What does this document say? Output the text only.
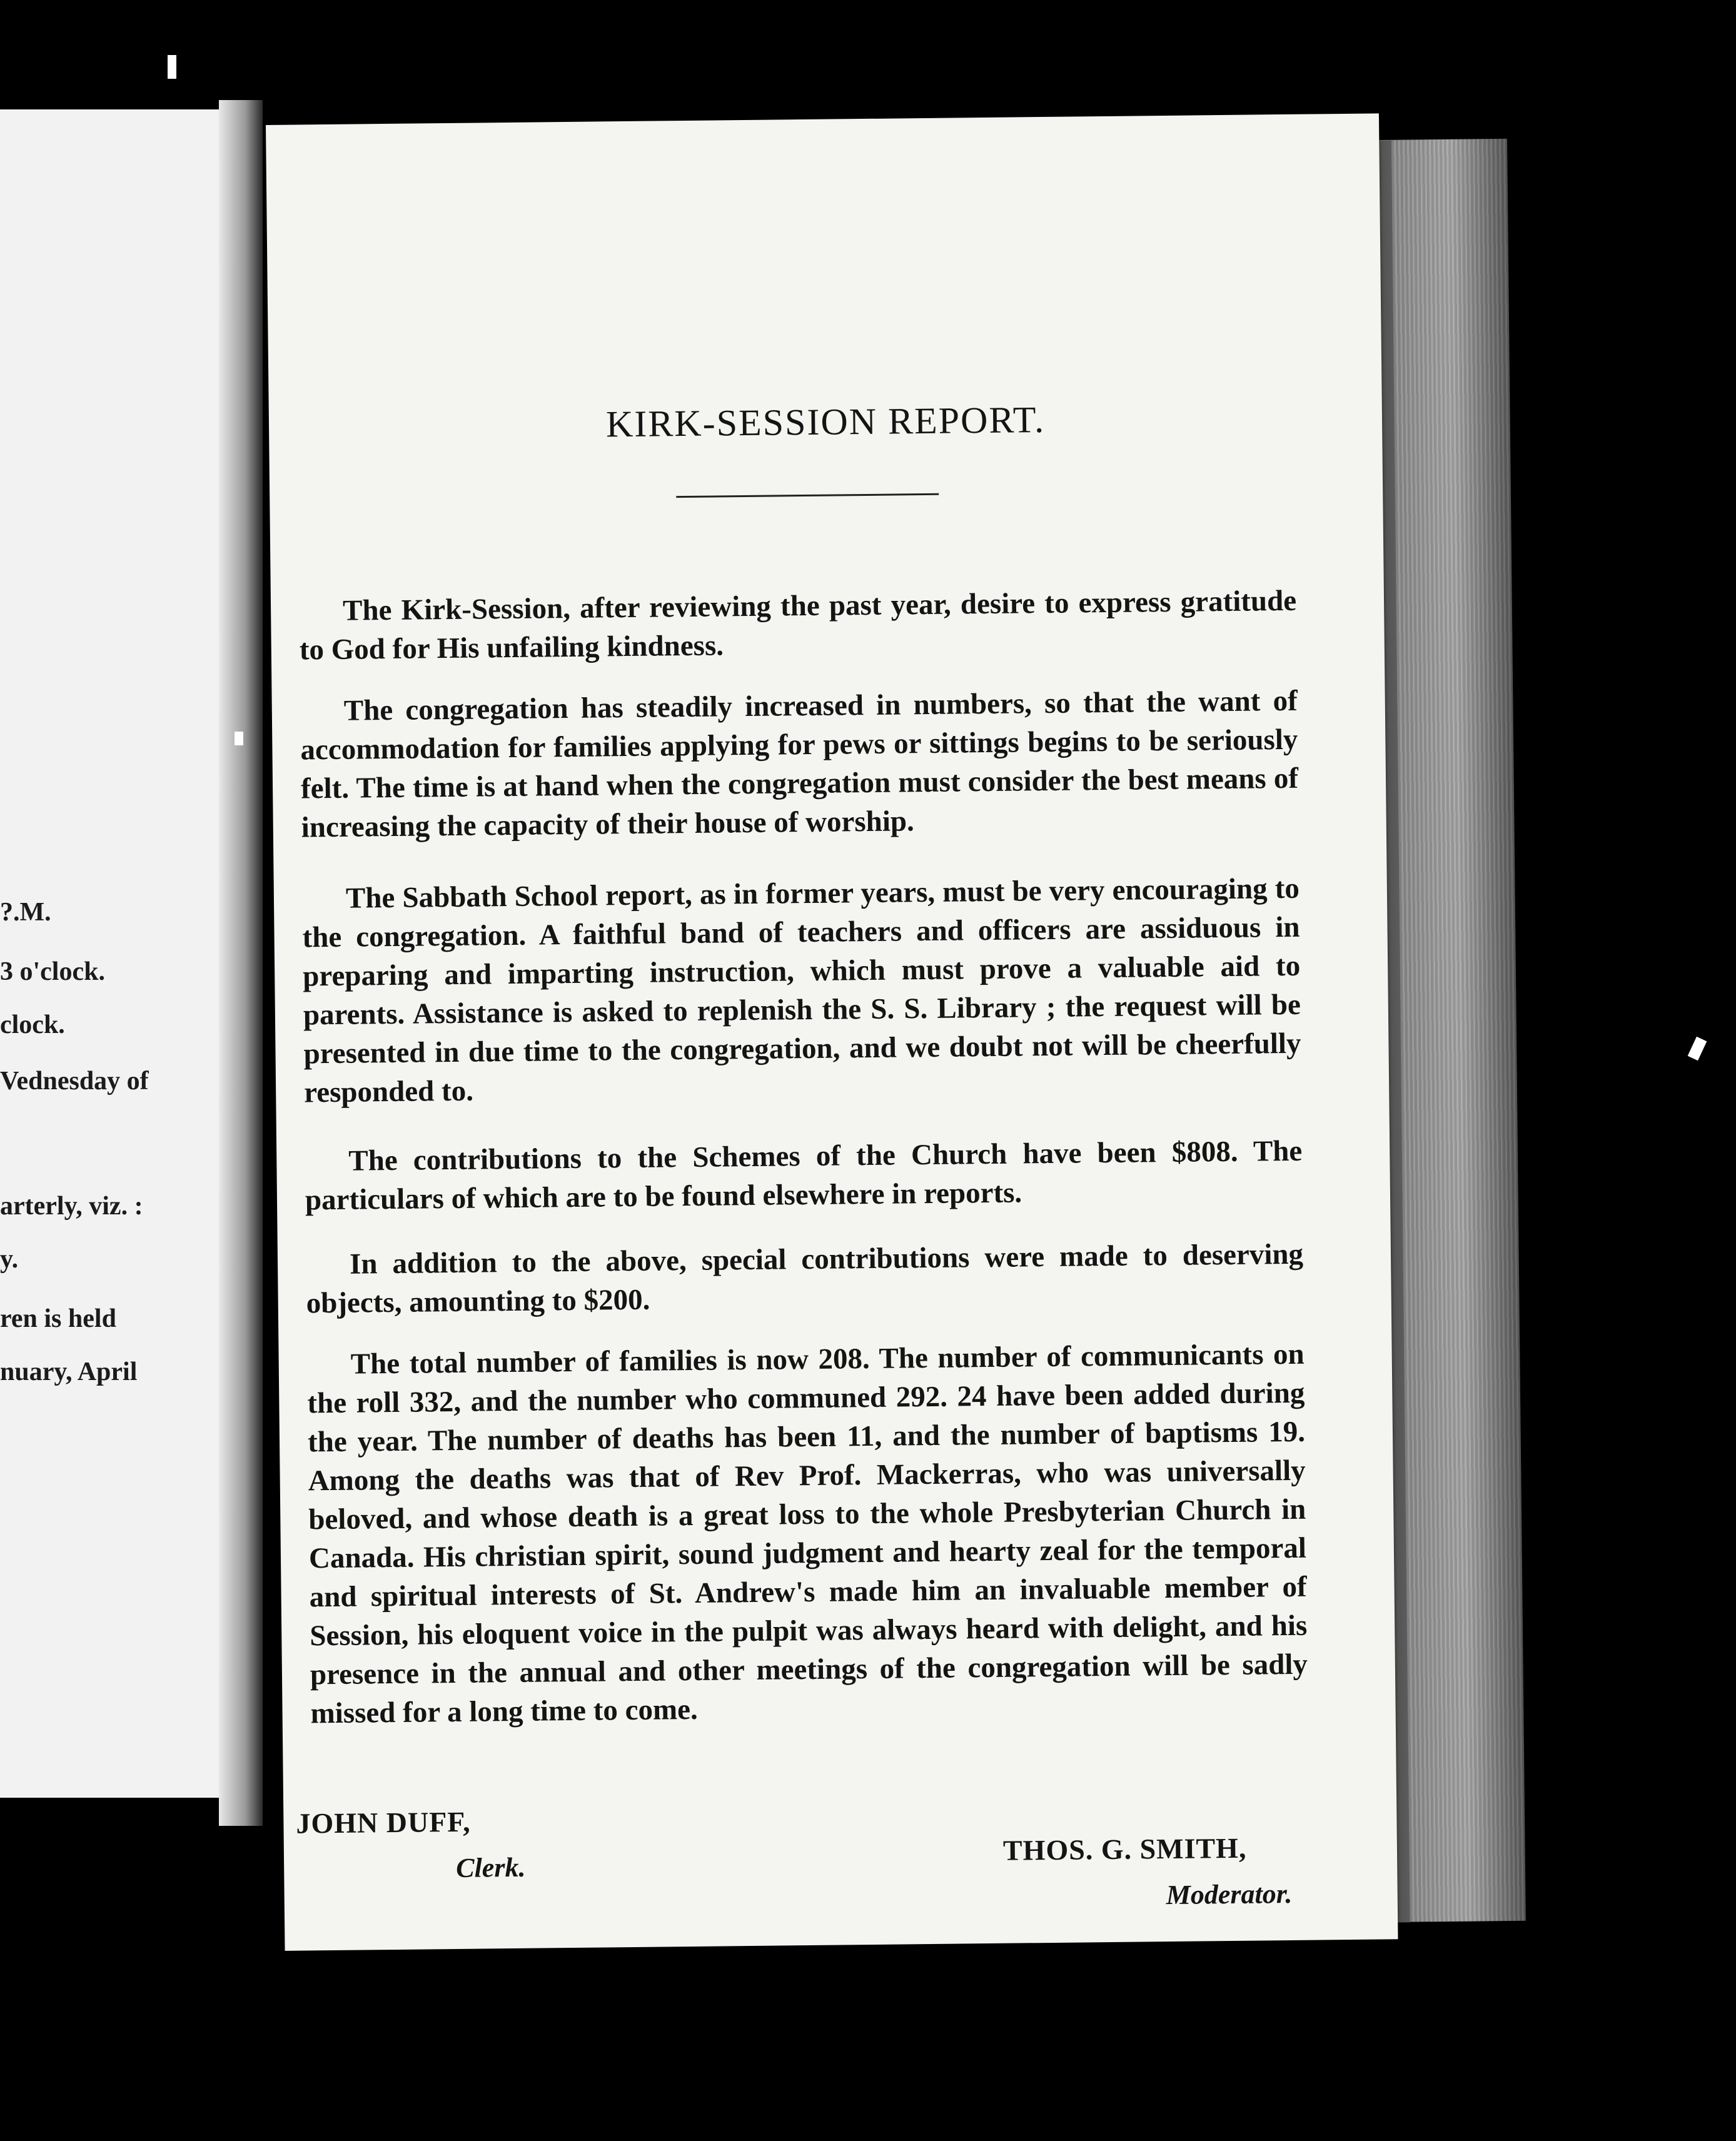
?.M.
3 o'clock.
clock.
Vednesday of
arterly, viz. :
y.
ren is held
nuary, April
KIRK-SESSION REPORT.

The Kirk-Session, after reviewing the past year, desire to express gratitude to God for His unfailing kindness.

The congregation has steadily increased in numbers, so that the want of accommodation for families applying for pews or sittings begins to be seriously felt. The time is at hand when the congregation must consider the best means of increasing the capacity of their house of worship.

The Sabbath School report, as in former years, must be very encouraging to the congregation. A faithful band of teachers and officers are assiduous in preparing and imparting instruction, which must prove a valuable aid to parents. Assistance is asked to replenish the S. S. Library ; the request will be presented in due time to the congregation, and we doubt not will be cheerfully responded to.

The contributions to the Schemes of the Church have been $808. The particulars of which are to be found elsewhere in reports.

In addition to the above, special contributions were made to deserving objects, amounting to $200.

The total number of families is now 208. The number of communicants on the roll 332, and the number who communed 292. 24 have been added during the year. The number of deaths has been 11, and the number of baptisms 19. Among the deaths was that of Rev Prof. Mackerras, who was universally beloved, and whose death is a great loss to the whole Presbyterian Church in Canada. His christian spirit, sound judgment and hearty zeal for the temporal and spiritual interests of St. Andrew's made him an invaluable member of Session, his eloquent voice in the pulpit was always heard with delight, and his presence in the annual and other meetings of the congregation will be sadly missed for a long time to come.

JOHN DUFF,
Clerk.
THOS. G. SMITH,
Moderator.
